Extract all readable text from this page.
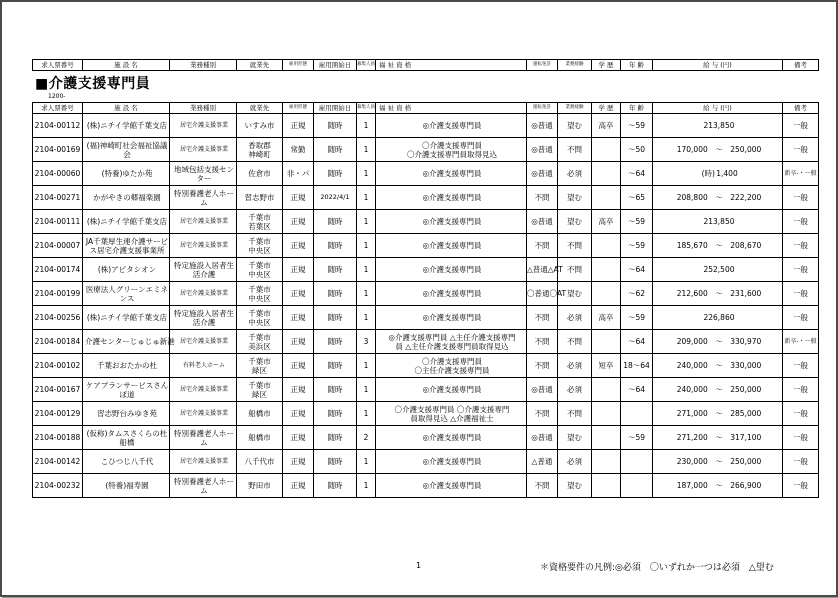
求人票番号	施 設 名	業務種別	就業先	雇用形態	雇用開始日	募集人員	福 祉 資 格	運転免許	業務経験	学 歴	年 齢	給 与 (円)	備考
■介護支援専門員
1200-
求人票番号	施 設 名	業務種別	就業先	雇用形態	雇用開始日	募集人員	福 祉 資 格	運転免許	業務経験	学 歴	年 齢	給 与 (円)	備考
2104-00112	(株)ニチイ学館千葉支店	居宅介護支援事業	いすみ市	正規	随時	1	◎介護支援専門員	◎普通	望む	高卒	～59	213,850	一般
2104-00169	(福)神崎町社会福祉協議会	居宅介護支援事業	香取郡
神崎町	常勤	随時	1	〇介護支援専門員
〇介護支援専門員取得見込	◎普通	不問		～50	170,000　～　250,000	一般
2104-00060	(特養)ゆたか苑	地域包括支援センター	佐倉市	非・パ	随時	1	◎介護支援専門員	◎普通	必須		～64	(時)1,400	新卒-・一般
2104-00271	かがやきの郷福楽園	特別養護老人ホーム	習志野市	正規	2022/4/1	1	◎介護支援専門員	不問	望む		～65	208,800　～　222,200	一般
2104-00111	(株)ニチイ学館千葉支店	居宅介護支援事業	千葉市
若葉区	正規	随時	1	◎介護支援専門員	◎普通	望む	高卒	～59	213,850	一般
2104-00007	JA千葉厚生連介護サービス居宅介護支援事業所	居宅介護支援事業	千葉市
中央区	正規	随時	1	◎介護支援専門員	不問	不問		～59	185,670　～　208,670	一般
2104-00174	(株)アピタシオン	特定施設入居者生活介護	千葉市
中央区	正規	随時	1	◎介護支援専門員	△普通△AT	不問		～64	252,500	一般
2104-00199	医療法人グリーンエミネンス	居宅介護支援事業	千葉市
中央区	正規	随時	1	◎介護支援専門員	〇普通〇AT	望む		～62	212,600　～　231,600	一般
2104-00256	(株)ニチイ学館千葉支店	特定施設入居者生活介護	千葉市
中央区	正規	随時	1	◎介護支援専門員	不問	必須	高卒	～59	226,860	一般
2104-00184	介護センターじゅじゅ新港	居宅介護支援事業	千葉市
美浜区	正規	随時	3	◎介護支援専門員 △主任介護支援専門
員 △主任介護支援専門員取得見込	不問	不問		～64	209,000　～　330,970	新卒-・一般
2104-00102	千葉おおたかの杜	有料老人ホーム	千葉市
緑区	正規	随時	1	〇介護支援専門員
〇主任介護支援専門員	不問	必須	短卒	18～64	240,000　～　330,000	一般
2104-00167	ケアプランサービスさんぽ道	居宅介護支援事業	千葉市
緑区	正規	随時	1	◎介護支援専門員	◎普通	必須		～64	240,000　～　250,000	一般
2104-00129	習志野台みゆき苑	居宅介護支援事業	船橋市	正規	随時	1	〇介護支援専門員 〇介護支援専門
員取得見込 △介護福祉士	不問	不問			271,000　～　285,000	一般
2104-00188	(仮称)タムスさくらの杜船橋	特別養護老人ホーム	船橋市	正規	随時	2	◎介護支援専門員	◎普通	望む		～59	271,200　～　317,100	一般
2104-00142	こひつじ八千代	居宅介護支援事業	八千代市	正規	随時	1	◎介護支援専門員	△普通	必須			230,000　～　250,000	一般
2104-00232	(特養)福寿園	特別養護老人ホーム	野田市	正規	随時	1	◎介護支援専門員	不問	望む			187,000　～　266,900	一般
1	＊資格要件の凡例:◎必須　〇いずれか一つは必須　△望む
